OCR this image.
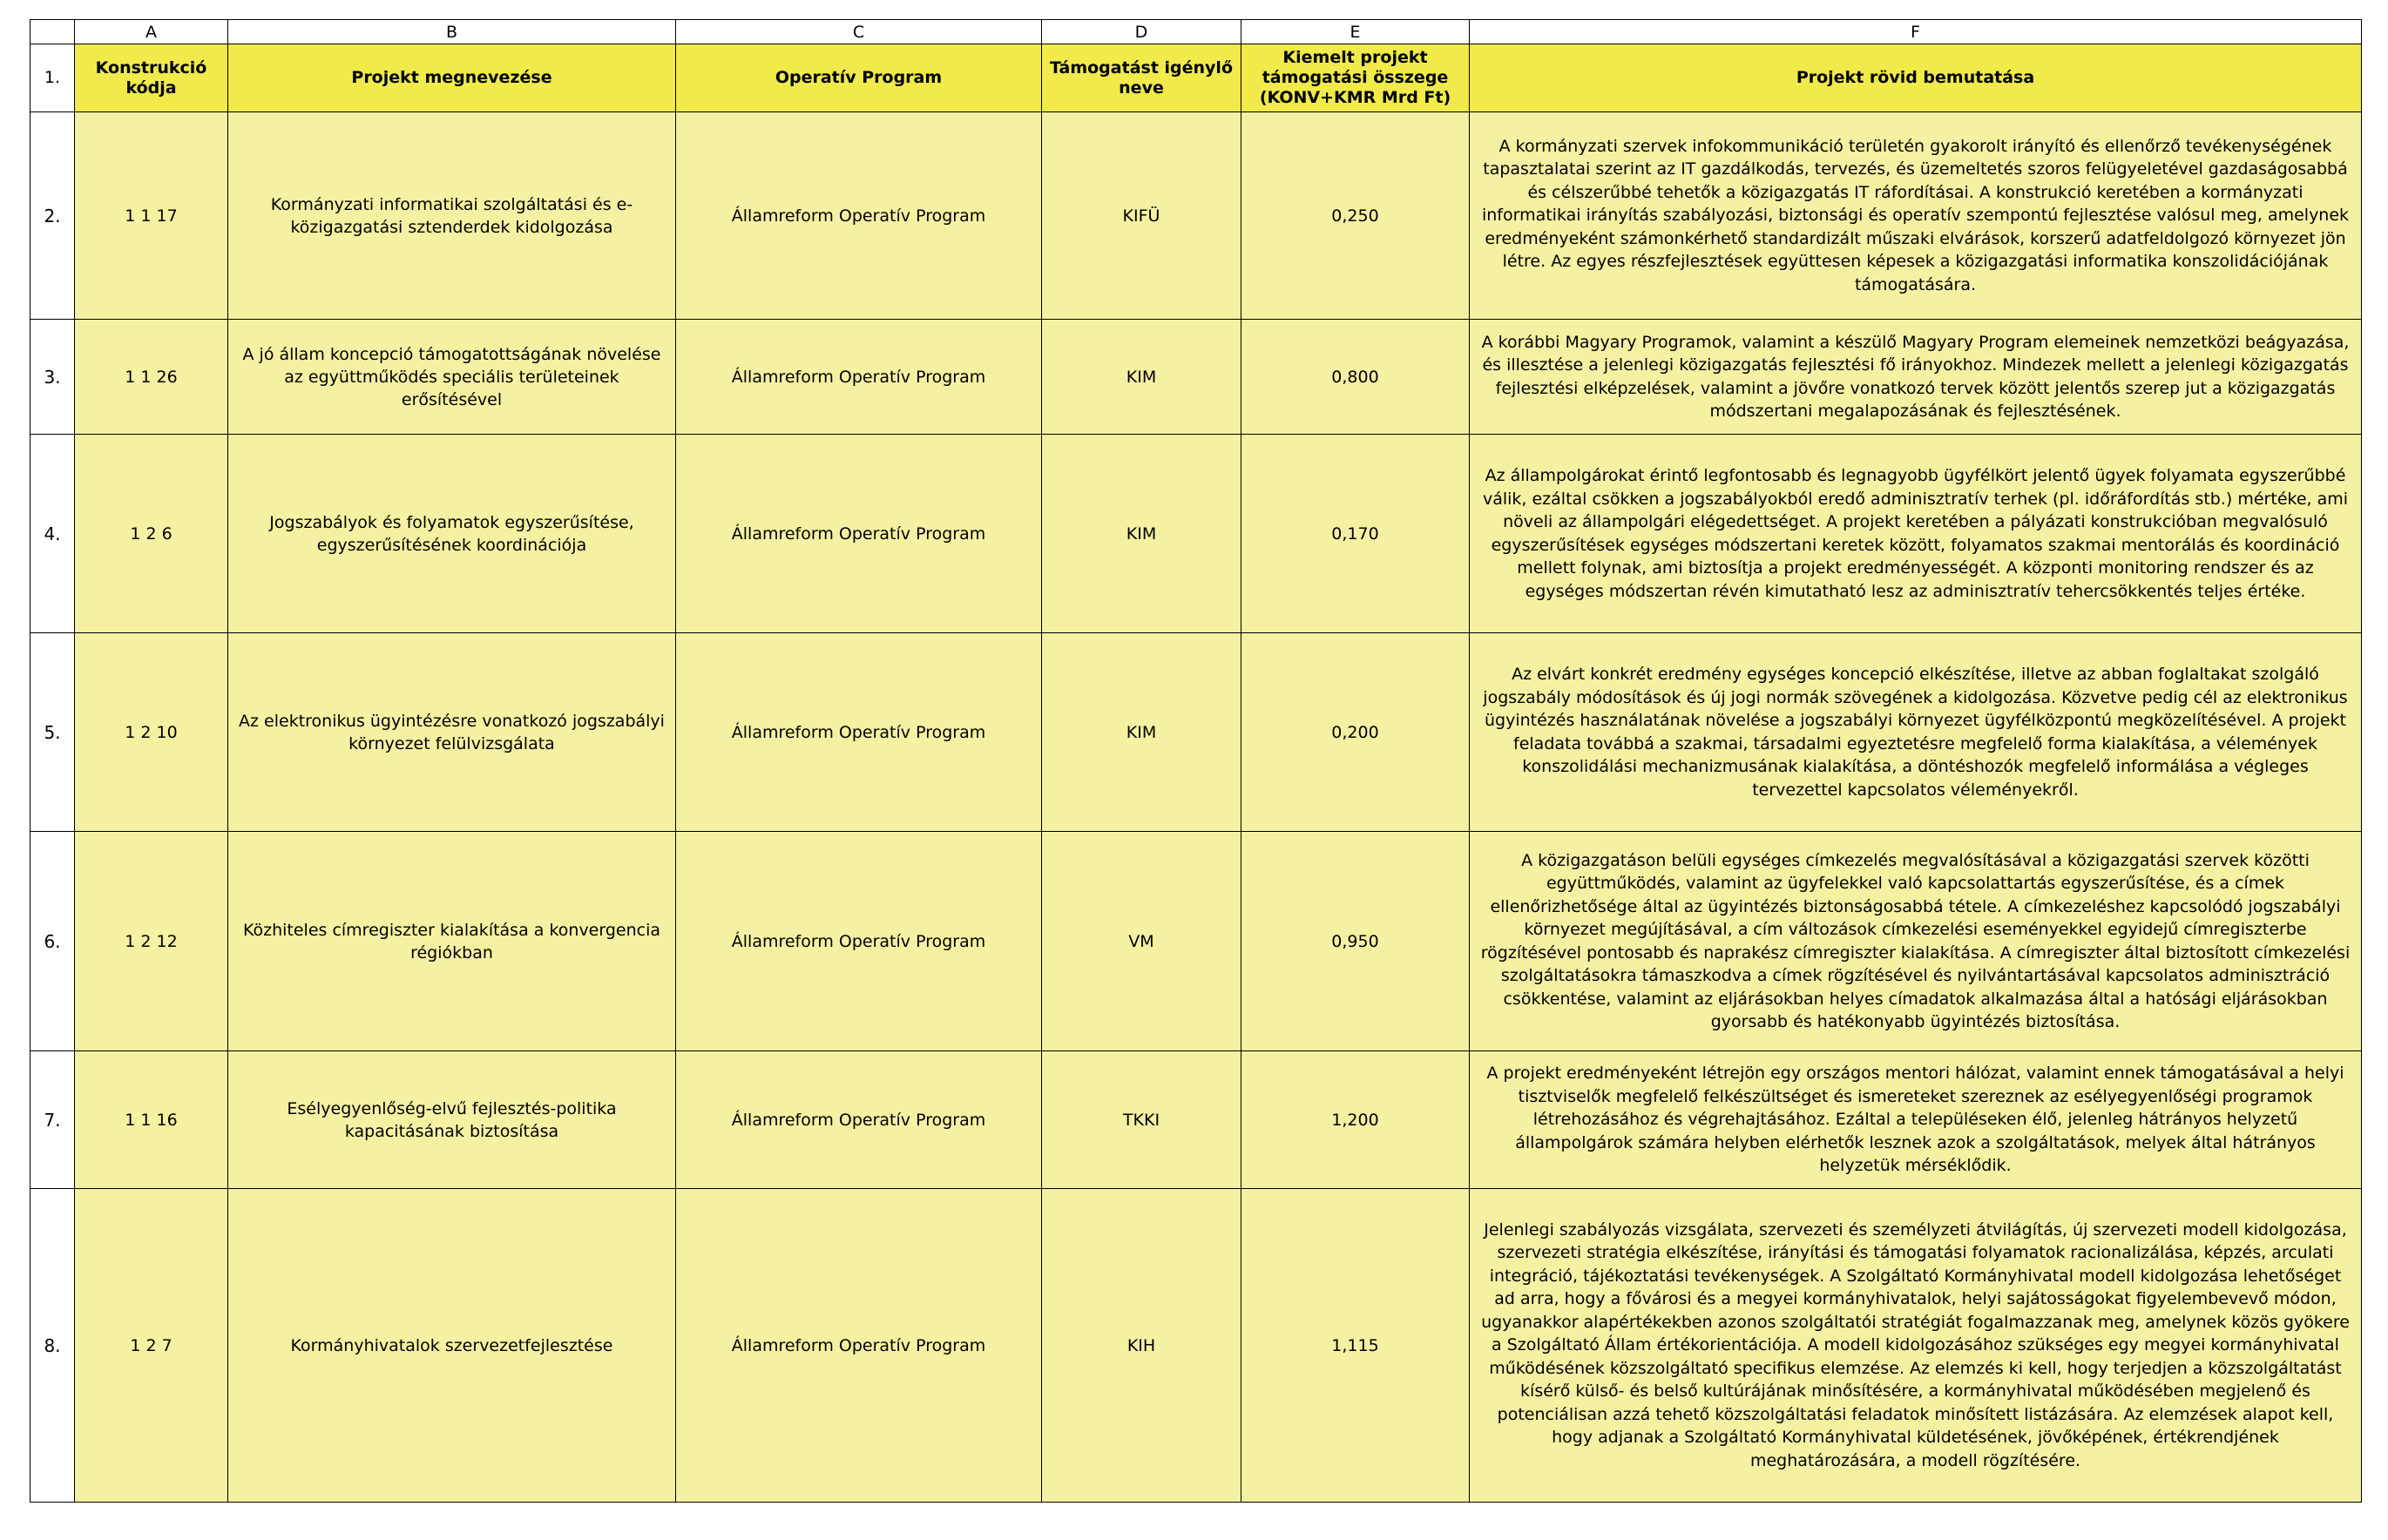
	A	B	C	D	E	F
1.	Konstrukció kódja	Projekt megnevezése	Operatív Program	Támogatást igénylő neve	Kiemelt projekt támogatási összege (KONV+KMR Mrd Ft)	Projekt rövid bemutatása
2.	1 1 17	Kormányzati informatikai szolgáltatási és e-közigazgatási sztenderdek kidolgozása	Államreform Operatív Program	KIFÜ	0,250	A kormányzati szervek infokommunikáció területén gyakorolt irányító és ellenőrző tevékenységének tapasztalatai szerint az IT gazdálkodás, tervezés, és üzemeltetés szoros felügyeletével gazdaságosabbá és célszerűbbé tehetők a közigazgatás IT ráfordításai. A konstrukció keretében a kormányzati informatikai irányítás szabályozási, biztonsági és operatív szempontú fejlesztése valósul meg, amelynek eredményeként számonkérhető standardizált műszaki elvárások, korszerű adatfeldolgozó környezet jön létre. Az egyes részfejlesztések együttesen képesek a közigazgatási informatika konszolidációjának támogatására.
3.	1 1 26	A jó állam koncepció támogatottságának növelése az együttműködés speciális területeinek erősítésével	Államreform Operatív Program	KIM	0,800	A korábbi Magyary Programok, valamint a készülő Magyary Program elemeinek nemzetközi beágyazása, és illesztése a jelenlegi közigazgatás fejlesztési fő irányokhoz. Mindezek mellett a jelenlegi közigazgatás fejlesztési elképzelések, valamint a jövőre vonatkozó tervek között jelentős szerep jut a közigazgatás módszertani megalapozásának és fejlesztésének.
4.	1 2 6	Jogszabályok és folyamatok egyszerűsítése, egyszerűsítésének koordinációja	Államreform Operatív Program	KIM	0,170	Az állampolgárokat érintő legfontosabb és legnagyobb ügyfélkört jelentő ügyek folyamata egyszerűbbé válik, ezáltal csökken a jogszabályokból eredő adminisztratív terhek (pl. időráfordítás stb.) mértéke, ami növeli az állampolgári elégedettséget. A projekt keretében a pályázati konstrukcióban megvalósuló egyszerűsítések egységes módszertani keretek között, folyamatos szakmai mentorálás és koordináció mellett folynak, ami biztosítja a projekt eredményességét. A központi monitoring rendszer és az egységes módszertan révén kimutatható lesz az adminisztratív tehercsökkentés teljes értéke.
5.	1 2 10	Az elektronikus ügyintézésre vonatkozó jogszabályi környezet felülvizsgálata	Államreform Operatív Program	KIM	0,200	Az elvárt konkrét eredmény egységes koncepció elkészítése, illetve az abban foglaltakat szolgáló jogszabály módosítások és új jogi normák szövegének a kidolgozása. Közvetve pedig cél az elektronikus ügyintézés használatának növelése a jogszabályi környezet ügyfélközpontú megközelítésével. A projekt feladata továbbá a szakmai, társadalmi egyeztetésre megfelelő forma kialakítása, a vélemények konszolidálási mechanizmusának kialakítása, a döntéshozók megfelelő informálása a végleges tervezettel kapcsolatos véleményekről.
6.	1 2 12	Közhiteles címregiszter kialakítása a konvergencia régiókban	Államreform Operatív Program	VM	0,950	A közigazgatáson belüli egységes címkezelés megvalósításával a közigazgatási szervek közötti együttműködés, valamint az ügyfelekkel való kapcsolattartás egyszerűsítése, és a címek ellenőrizhetősége által az ügyintézés biztonságosabbá tétele. A címkezeléshez kapcsolódó jogszabályi környezet megújításával, a cím változások címkezelési eseményekkel egyidejű címregiszterbe rögzítésével pontosabb és naprakész címregiszter kialakítása. A címregiszter által biztosított címkezelési szolgáltatásokra támaszkodva a címek rögzítésével és nyilvántartásával kapcsolatos adminisztráció csökkentése, valamint az eljárásokban helyes címadatok alkalmazása által a hatósági eljárásokban gyorsabb és hatékonyabb ügyintézés biztosítása.
7.	1 1 16	Esélyegyenlőség-elvű fejlesztés-politika kapacitásának biztosítása	Államreform Operatív Program	TKKI	1,200	A projekt eredményeként létrejön egy országos mentori hálózat, valamint ennek támogatásával a helyi tisztviselők megfelelő felkészültséget és ismereteket szereznek az esélyegyenlőségi programok létrehozásához és végrehajtásához. Ezáltal a településeken élő, jelenleg hátrányos helyzetű állampolgárok számára helyben elérhetők lesznek azok a szolgáltatások, melyek által hátrányos helyzetük mérséklődik.
8.	1 2 7	Kormányhivatalok szervezetfejlesztése	Államreform Operatív Program	KIH	1,115	Jelenlegi szabályozás vizsgálata, szervezeti és személyzeti átvilágítás, új szervezeti modell kidolgozása, szervezeti stratégia elkészítése, irányítási és támogatási folyamatok racionalizálása, képzés, arculati integráció, tájékoztatási tevékenységek. A Szolgáltató Kormányhivatal modell kidolgozása lehetőséget ad arra, hogy a fővárosi és a megyei kormányhivatalok, helyi sajátosságokat figyelembevevő módon, ugyanakkor alapértékekben azonos szolgáltatói stratégiát fogalmazzanak meg, amelynek közös gyökere a Szolgáltató Állam értékorientációja. A modell kidolgozásához szükséges egy megyei kormányhivatal működésének közszolgáltató specifikus elemzése. Az elemzés ki kell, hogy terjedjen a közszolgáltatást kísérő külső- és belső kultúrájának minősítésére, a kormányhivatal működésében megjelenő és potenciálisan azzá tehető közszolgáltatási feladatok minősített listázására. Az elemzések alapot kell, hogy adjanak a Szolgáltató Kormányhivatal küldetésének, jövőképének, értékrendjének meghatározására, a modell rögzítésére.
